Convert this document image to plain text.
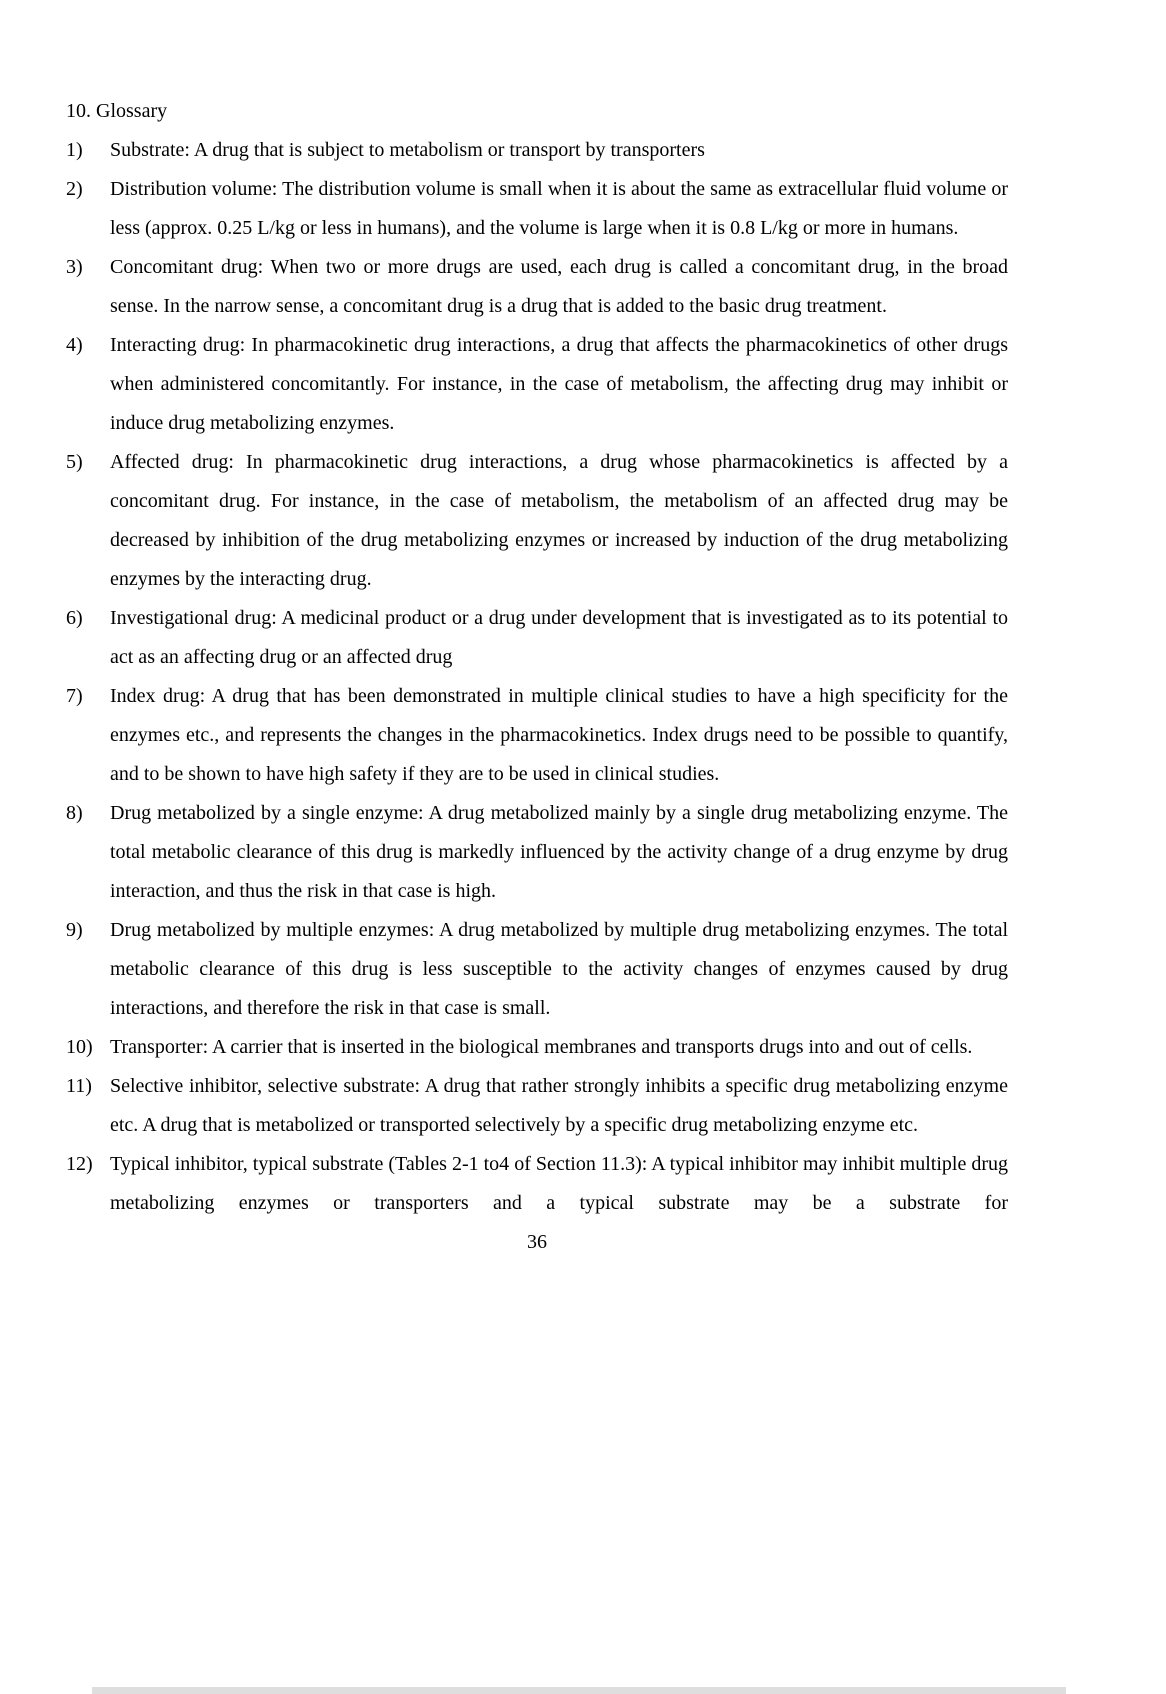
10. Glossary
1) Substrate: A drug that is subject to metabolism or transport by transporters
2) Distribution volume: The distribution volume is small when it is about the same as extracellular fluid volume or less (approx. 0.25 L/kg or less in humans), and the volume is large when it is 0.8 L/kg or more in humans.
3) Concomitant drug: When two or more drugs are used, each drug is called a concomitant drug, in the broad sense. In the narrow sense, a concomitant drug is a drug that is added to the basic drug treatment.
4) Interacting drug: In pharmacokinetic drug interactions, a drug that affects the pharmacokinetics of other drugs when administered concomitantly. For instance, in the case of metabolism, the affecting drug may inhibit or induce drug metabolizing enzymes.
5) Affected drug: In pharmacokinetic drug interactions, a drug whose pharmacokinetics is affected by a concomitant drug. For instance, in the case of metabolism, the metabolism of an affected drug may be decreased by inhibition of the drug metabolizing enzymes or increased by induction of the drug metabolizing enzymes by the interacting drug.
6) Investigational drug: A medicinal product or a drug under development that is investigated as to its potential to act as an affecting drug or an affected drug
7) Index drug: A drug that has been demonstrated in multiple clinical studies to have a high specificity for the enzymes etc., and represents the changes in the pharmacokinetics. Index drugs need to be possible to quantify, and to be shown to have high safety if they are to be used in clinical studies.
8) Drug metabolized by a single enzyme: A drug metabolized mainly by a single drug metabolizing enzyme. The total metabolic clearance of this drug is markedly influenced by the activity change of a drug enzyme by drug interaction, and thus the risk in that case is high.
9) Drug metabolized by multiple enzymes: A drug metabolized by multiple drug metabolizing enzymes. The total metabolic clearance of this drug is less susceptible to the activity changes of enzymes caused by drug interactions, and therefore the risk in that case is small.
10) Transporter: A carrier that is inserted in the biological membranes and transports drugs into and out of cells.
11) Selective inhibitor, selective substrate: A drug that rather strongly inhibits a specific drug metabolizing enzyme etc. A drug that is metabolized or transported selectively by a specific drug metabolizing enzyme etc.
12) Typical inhibitor, typical substrate (Tables 2-1 to4 of Section 11.3): A typical inhibitor may inhibit multiple drug metabolizing enzymes or transporters and a typical substrate may be a substrate for
36
